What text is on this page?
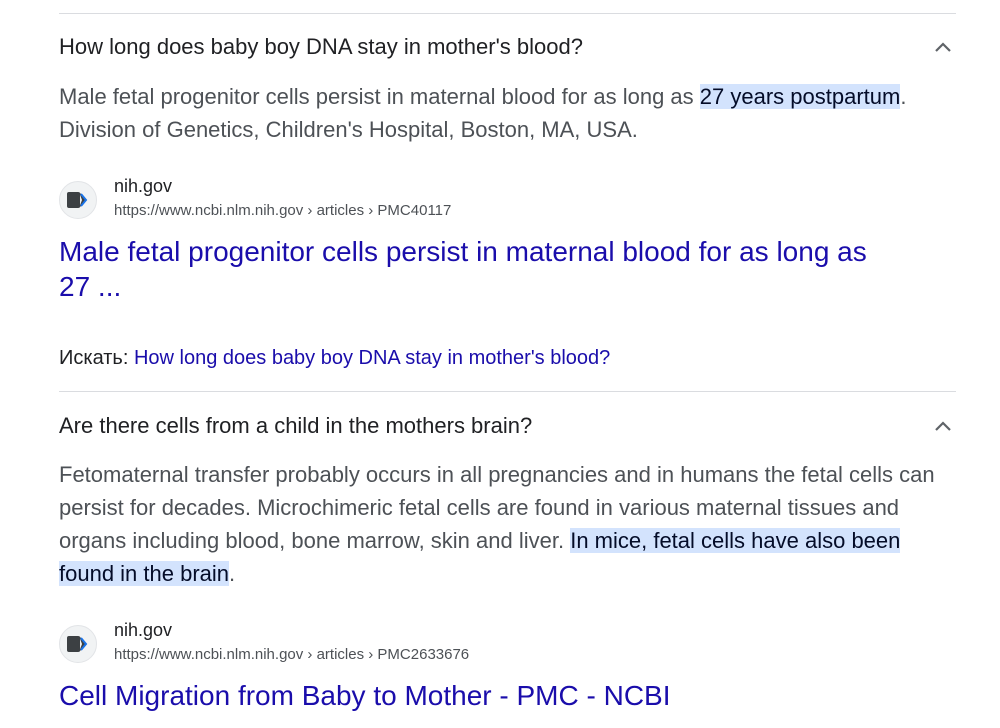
How long does baby boy DNA stay in mother's blood?
Male fetal progenitor cells persist in maternal blood for as long as 27 years postpartum. Division of Genetics, Children's Hospital, Boston, MA, USA.
nih.gov
https://www.ncbi.nlm.nih.gov › articles › PMC40117
Male fetal progenitor cells persist in maternal blood for as long as 27 ...
Искать: How long does baby boy DNA stay in mother's blood?
Are there cells from a child in the mothers brain?
Fetomaternal transfer probably occurs in all pregnancies and in humans the fetal cells can persist for decades. Microchimeric fetal cells are found in various maternal tissues and organs including blood, bone marrow, skin and liver. In mice, fetal cells have also been found in the brain.
nih.gov
https://www.ncbi.nlm.nih.gov › articles › PMC2633676
Cell Migration from Baby to Mother - PMC - NCBI
